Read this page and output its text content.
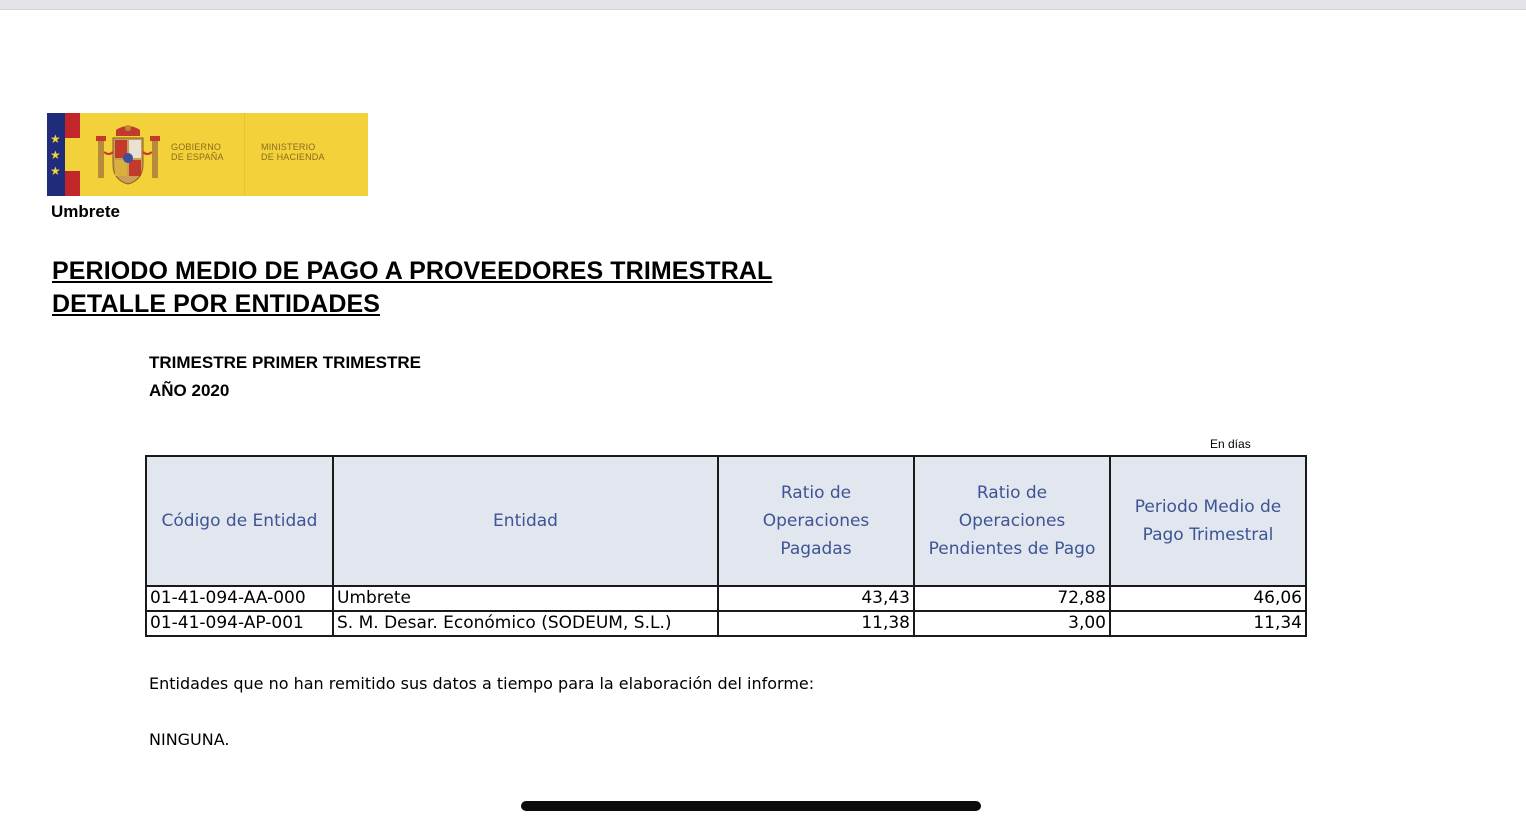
★
★
★
GOBIERNO
DE ESPAÑA
MINISTERIO
DE HACIENDA
Umbrete
PERIODO MEDIO DE PAGO A PROVEEDORES TRIMESTRAL
DETALLE POR ENTIDADES
TRIMESTRE PRIMER TRIMESTRE
AÑO 2020
En días
Código de Entidad	Entidad	Ratio de Operaciones Pagadas	Ratio de Operaciones Pendientes de Pago	Periodo Medio de Pago Trimestral
01-41-094-AA-000	Umbrete	43,43	72,88	46,06
01-41-094-AP-001	S. M. Desar. Económico (SODEUM, S.L.)	11,38	3,00	11,34
Entidades que no han remitido sus datos a tiempo para la elaboración del informe:
NINGUNA.
